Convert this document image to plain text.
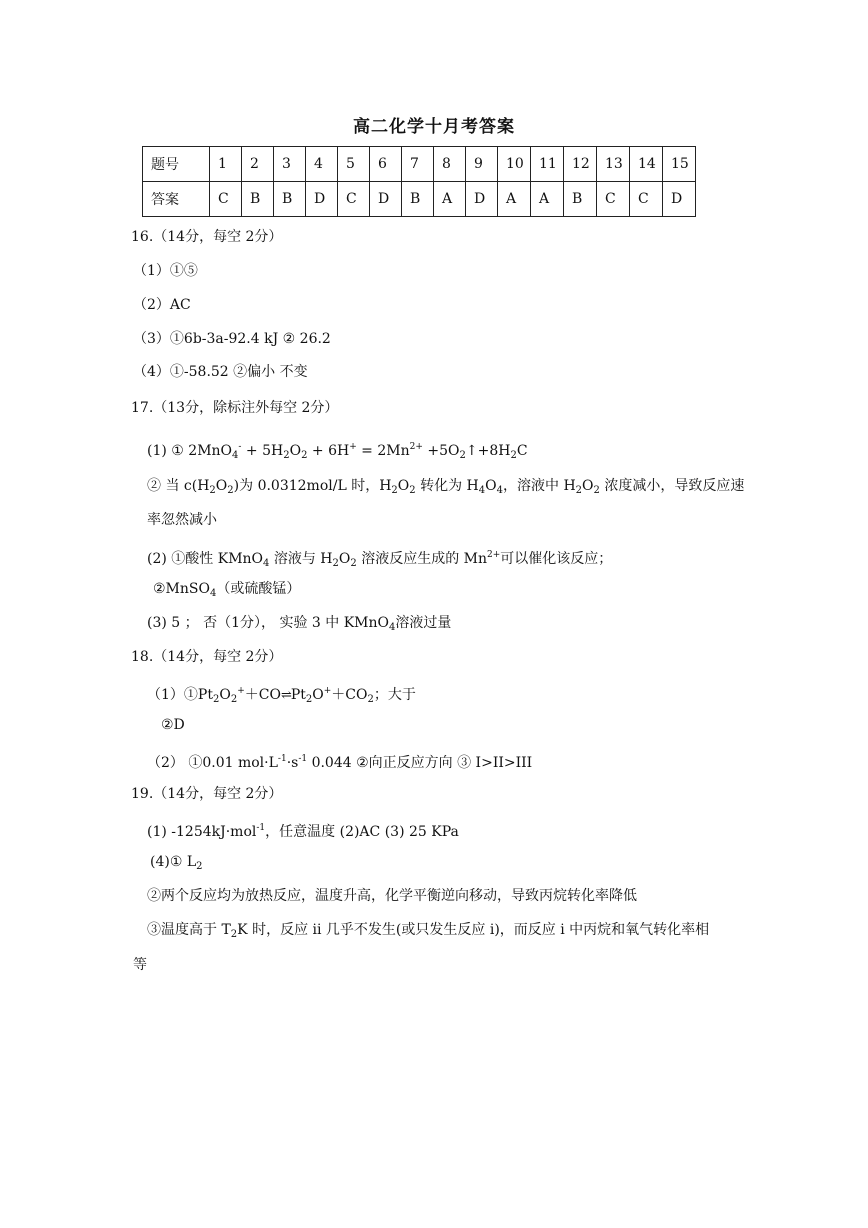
高二化学十月考答案
题号	1	2	3	4	5	6	7	8	9	10	11	12	13	14	15
答案	C	B	B	D	C	D	B	A	D	A	A	B	C	C	D
16.（14分，每空 2分）
（1）①⑤
（2）AC
（3）①6b-3a-92.4 kJ ② 26.2
（4）①-58.52 ②偏小 不变
17.（13分，除标注外每空 2分）
(1) ① $2MnO_4^- + 5H_2O_2 + 6H^+ = 2Mn^{2+}$ $+5O_2↑+8H_2C$
② 当 $c(H_2O_2)$为 0.0312mol/L 时，$H_2O_2$ 转化为 $H_4O_4$，溶液中 $H_2O_2$ 浓度减小，导致反应速
率忽然减小
(2) ①酸性 KMnO$_4$ 溶液与 $H_2O_2$ 溶液反应生成的 $Mn^{2+}$可以催化该反应；
②MnSO$_4$（或硫酸锰）
(3) 5 ； 否（1分）， 实验 3 中 KMnO$_4$溶液过量
18.（14分，每空 2分）
$(1)①Pt_2O_2^++CO\rightleftharpoons Pt_2O^++CO_2$；大于
②D
（2） ①0.01 $mol\cdot L^{-1}\cdot s^{-1}$ 0.044 ②向正反应方向 ③ I>II>III
19.（14分，每空 2分）
(1) -1254kJ·mol$^{-1}$，任意温度 (2)AC (3) 25 KPa
(4)① $L_2$
②两个反应均为放热反应，温度升高，化学平衡逆向移动，导致丙烷转化率降低
③温度高于 $T_2K$ 时，反应 ii 几乎不发生(或只发生反应 i)，而反应 i 中丙烷和氧气转化率相
等
